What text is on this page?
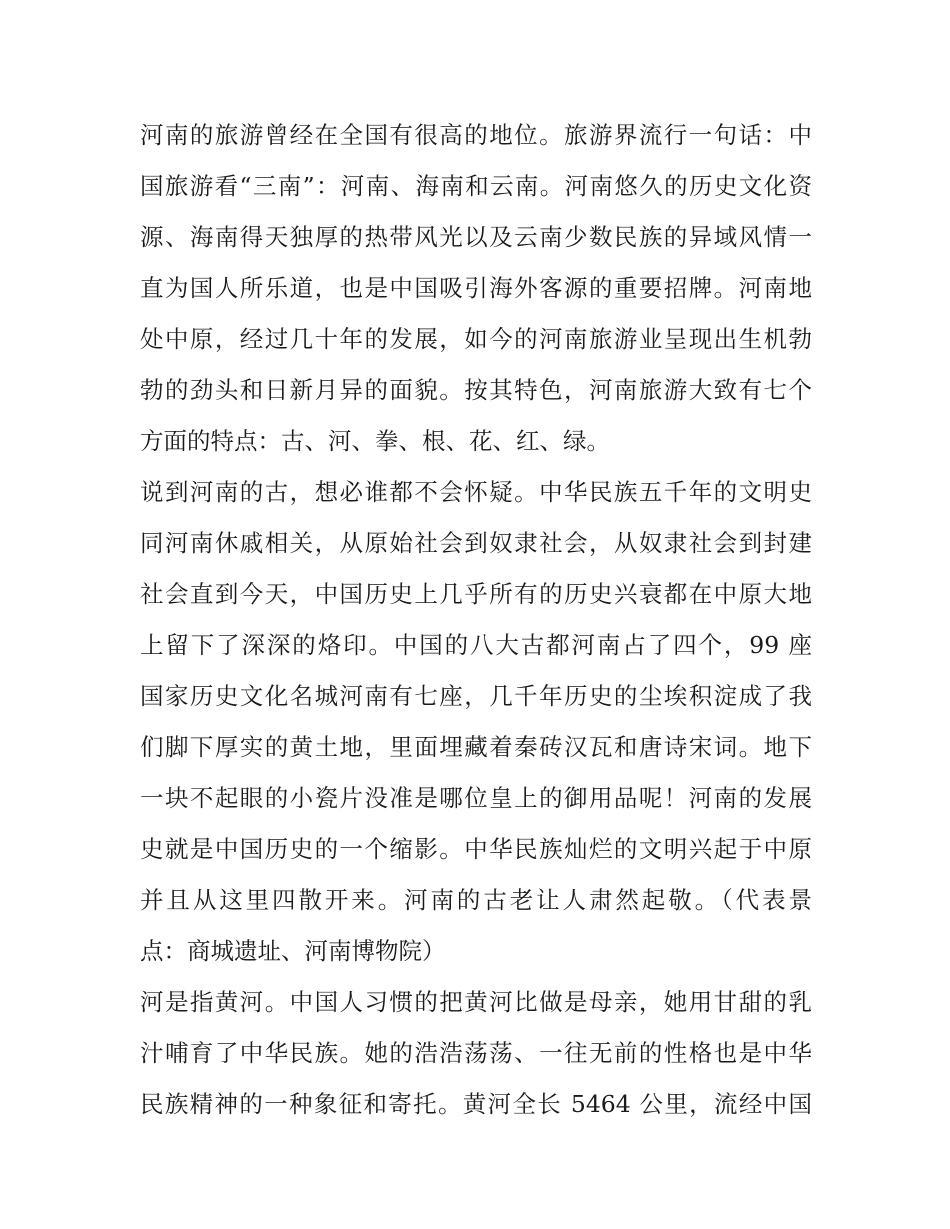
河南的旅游曾经在全国有很高的地位。旅游界流行一句话：中
国旅游看“三南”：河南、海南和云南。河南悠久的历史文化资
源、海南得天独厚的热带风光以及云南少数民族的异域风情一
直为国人所乐道，也是中国吸引海外客源的重要招牌。河南地
处中原，经过几十年的发展，如今的河南旅游业呈现出生机勃
勃的劲头和日新月异的面貌。按其特色，河南旅游大致有七个
方面的特点：古、河、拳、根、花、红、绿。
说到河南的古，想必谁都不会怀疑。中华民族五千年的文明史
同河南休戚相关，从原始社会到奴隶社会，从奴隶社会到封建
社会直到今天，中国历史上几乎所有的历史兴衰都在中原大地
上留下了深深的烙印。中国的八大古都河南占了四个，99 座
国家历史文化名城河南有七座，几千年历史的尘埃积淀成了我
们脚下厚实的黄土地，里面埋藏着秦砖汉瓦和唐诗宋词。地下
一块不起眼的小瓷片没准是哪位皇上的御用品呢！河南的发展
史就是中国历史的一个缩影。中华民族灿烂的文明兴起于中原
并且从这里四散开来。河南的古老让人肃然起敬。（代表景
点：商城遗址、河南博物院）
河是指黄河。中国人习惯的把黄河比做是母亲，她用甘甜的乳
汁哺育了中华民族。她的浩浩荡荡、一往无前的性格也是中华
民族精神的一种象征和寄托。黄河全长 5464 公里，流经中国
